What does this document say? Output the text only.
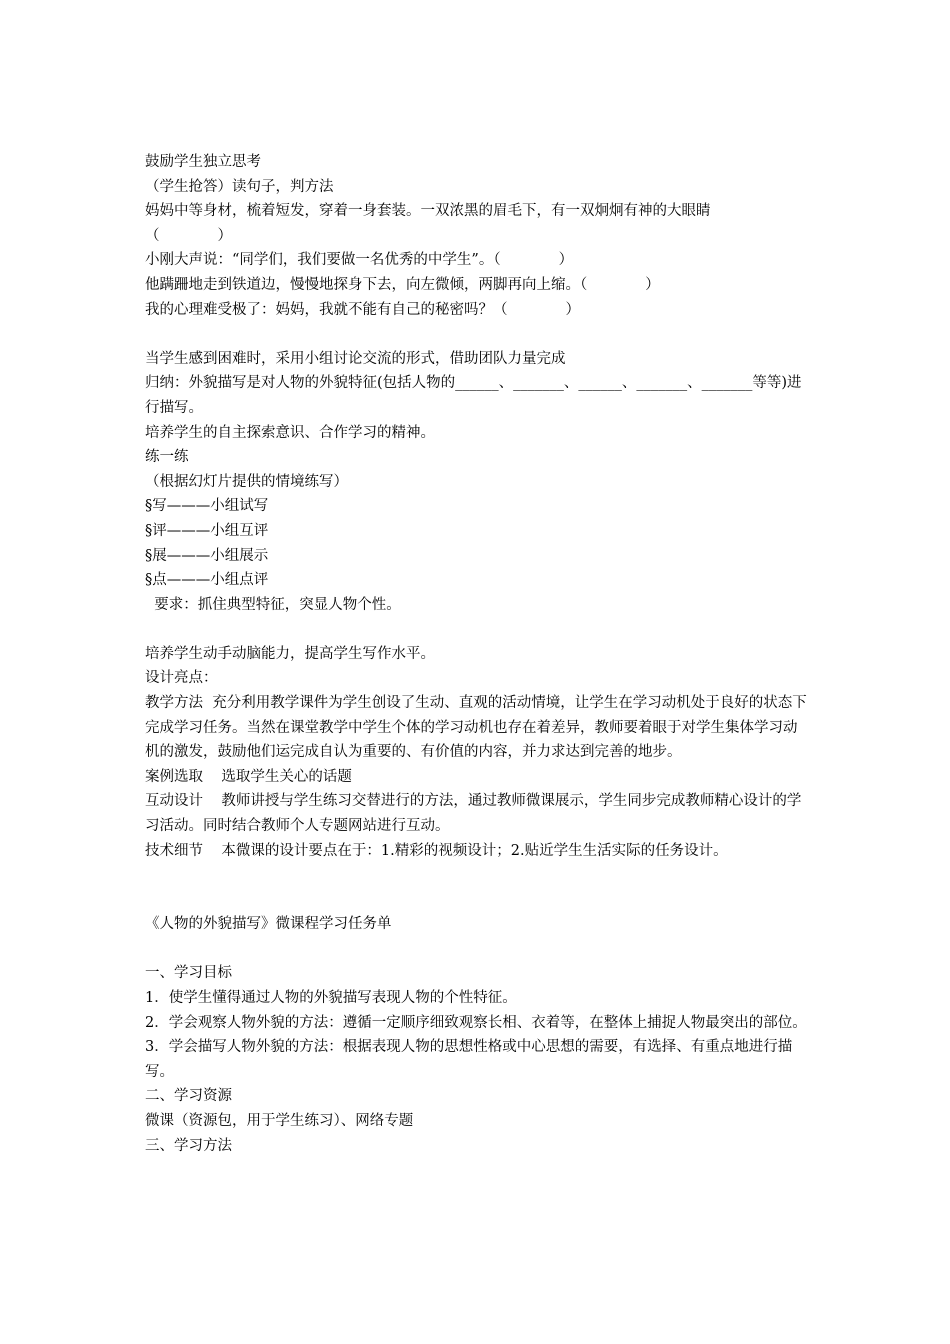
鼓励学生独立思考
（学生抢答）读句子，判方法
妈妈中等身材，梳着短发，穿着一身套装。一双浓黑的眉毛下，有一双炯炯有神的大眼睛
（　　　　）
小刚大声说：“同学们，我们要做一名优秀的中学生”。（　　　　）
他蹒跚地走到铁道边，慢慢地探身下去，向左微倾，两脚再向上缩。（　　　　）
我的心理难受极了：妈妈，我就不能有自己的秘密吗？（　　　　）
当学生感到困难时，采用小组讨论交流的形式，借助团队力量完成
归纳：外貌描写是对人物的外貌特征(包括人物的______、_______、______、_______、_______等等)进行描写。
培养学生的自主探索意识、合作学习的精神。
练一练
（根据幻灯片提供的情境练写）
§写———小组试写
§评———小组互评
§展———小组展示
§点———小组点评
要求：抓住典型特征，突显人物个性。
培养学生动手动脑能力，提高学生写作水平。
设计亮点：
教学方法  充分利用教学课件为学生创设了生动、直观的活动情境，让学生在学习动机处于良好的状态下完成学习任务。当然在课堂教学中学生个体的学习动机也存在着差异，教师要着眼于对学生集体学习动机的激发，鼓励他们运完成自认为重要的、有价值的内容，并力求达到完善的地步。
案例选取    选取学生关心的话题
互动设计    教师讲授与学生练习交替进行的方法，通过教师微课展示，学生同步完成教师精心设计的学习活动。同时结合教师个人专题网站进行互动。
技术细节    本微课的设计要点在于：1.精彩的视频设计；2.贴近学生生活实际的任务设计。
《人物的外貌描写》微课程学习任务单
一、学习目标
1．使学生懂得通过人物的外貌描写表现人物的个性特征。
2．学会观察人物外貌的方法：遵循一定顺序细致观察长相、衣着等，在整体上捕捉人物最突出的部位。
3．学会描写人物外貌的方法：根据表现人物的思想性格或中心思想的需要，有选择、有重点地进行描写。
二、学习资源
微课（资源包，用于学生练习）、网络专题
三、学习方法
